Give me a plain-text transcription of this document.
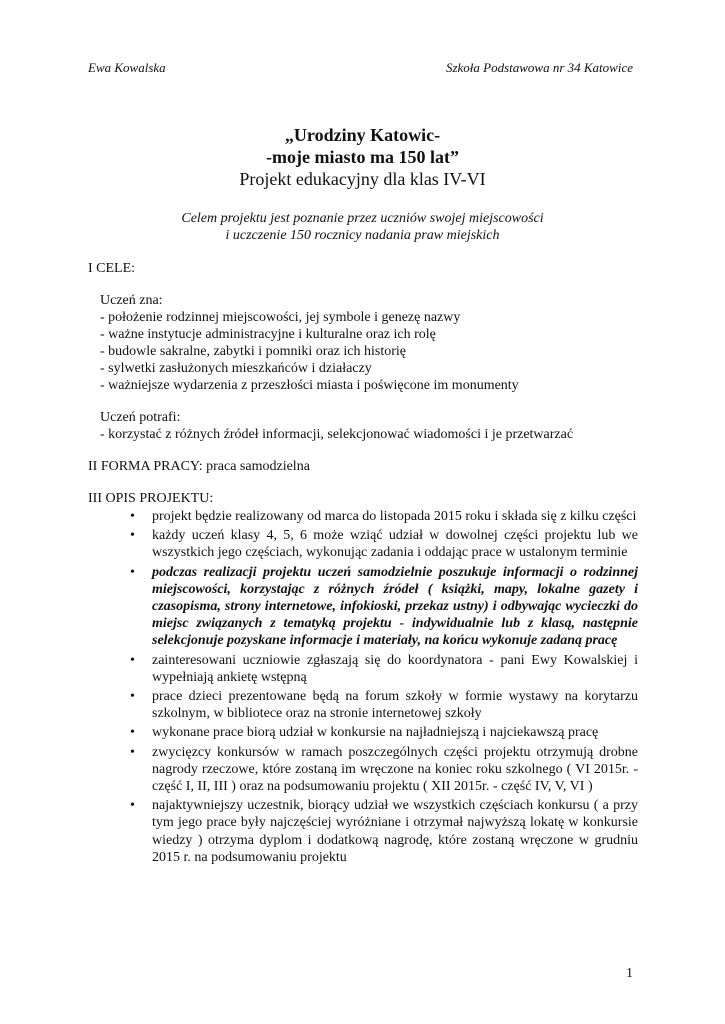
Ewa Kowalska	Szkoła Podstawowa nr 34 Katowice
„Urodziny Katowic-
-moje miasto ma 150 lat”
Projekt edukacyjny dla klas IV-VI
Celem projektu jest poznanie przez uczniów swojej miejscowości
i uczczenie 150 rocznicy nadania praw miejskich
I CELE:
Uczeń zna:
- położenie rodzinnej miejscowości, jej symbole i genezę nazwy
- ważne instytucje administracyjne i kulturalne oraz ich rolę
- budowle sakralne, zabytki i pomniki oraz ich historię
- sylwetki zasłużonych mieszkańców i działaczy
- ważniejsze wydarzenia z przeszłości miasta i poświęcone im monumenty
Uczeń potrafi:
- korzystać z różnych źródeł informacji, selekcjonować wiadomości i je przetwarzać
II FORMA PRACY: praca samodzielna
III OPIS PROJEKTU:
• projekt będzie realizowany od marca do listopada 2015 roku i składa się z kilku części
• każdy uczeń klasy 4, 5, 6 może wziąć udział w dowolnej części projektu lub we wszystkich jego częściach, wykonując zadania i oddając prace w ustalonym terminie
• podczas realizacji projektu uczeń samodzielnie poszukuje informacji o rodzinnej miejscowości, korzystając z różnych źródeł ( książki, mapy, lokalne gazety i czasopisma, strony internetowe, infokioski, przekaz ustny) i odbywając wycieczki do miejsc związanych z tematyką projektu - indywidualnie lub z klasą, następnie selekcjonuje pozyskane informacje i materiały, na końcu wykonuje zadaną pracę
• zainteresowani uczniowie zgłaszają się do koordynatora - pani Ewy Kowalskiej i wypełniają ankietę wstępną
• prace dzieci prezentowane będą na forum szkoły w formie wystawy na korytarzu szkolnym, w bibliotece oraz na stronie internetowej szkoły
• wykonane prace biorą udział w konkursie na najładniejszą i najciekawszą pracę
• zwycięzcy konkursów w ramach poszczególnych części projektu otrzymują drobne nagrody rzeczowe, które zostaną im wręczone na koniec roku szkolnego ( VI 2015r. - część I, II, III ) oraz na podsumowaniu projektu ( XII 2015r. - część IV, V, VI )
• najaktywniejszy uczestnik, biorący udział we wszystkich częściach konkursu ( a przy tym jego prace były najczęściej wyróżniane i otrzymał najwyższą lokatę w konkursie wiedzy ) otrzyma dyplom i dodatkową nagrodę, które zostaną wręczone w grudniu 2015 r. na podsumowaniu projektu
1
